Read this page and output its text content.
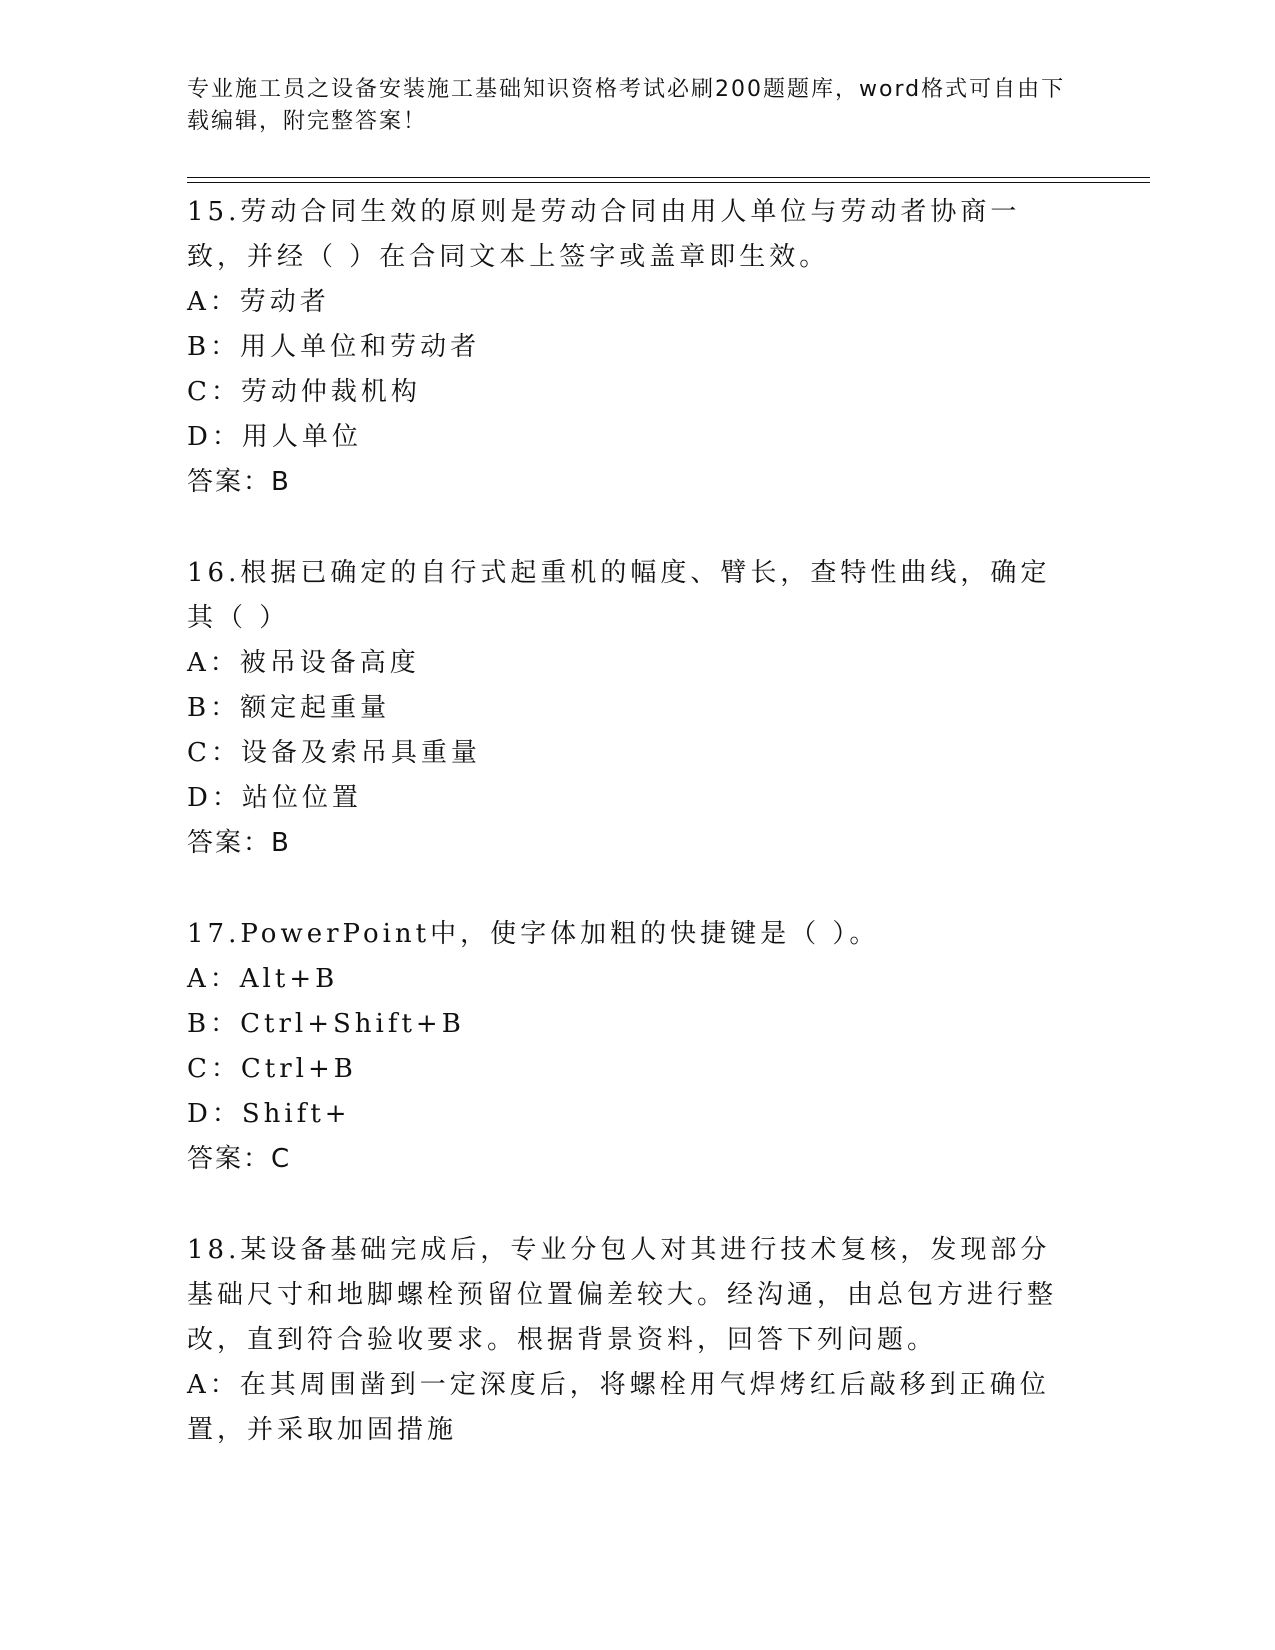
专业施工员之设备安装施工基础知识资格考试必刷200题题库，word格式可自由下载编辑，附完整答案！
15.劳动合同生效的原则是劳动合同由用人单位与劳动者协商一致，并经（ ）在合同文本上签字或盖章即生效。
A：劳动者
B：用人单位和劳动者
C：劳动仲裁机构
D：用人单位
答案：B
16.根据已确定的自行式起重机的幅度、臂长，查特性曲线，确定其（ ）
A：被吊设备高度
B：额定起重量
C：设备及索吊具重量
D：站位位置
答案：B
17.PowerPoint中，使字体加粗的快捷键是（ ）。
A：Alt+B
B：Ctrl+Shift+B
C：Ctrl+B
D：Shift+
答案：C
18.某设备基础完成后，专业分包人对其进行技术复核，发现部分基础尺寸和地脚螺栓预留位置偏差较大。经沟通，由总包方进行整改，直到符合验收要求。根据背景资料，回答下列问题。
A：在其周围凿到一定深度后，将螺栓用气焊烤红后敲移到正确位置，并采取加固措施
